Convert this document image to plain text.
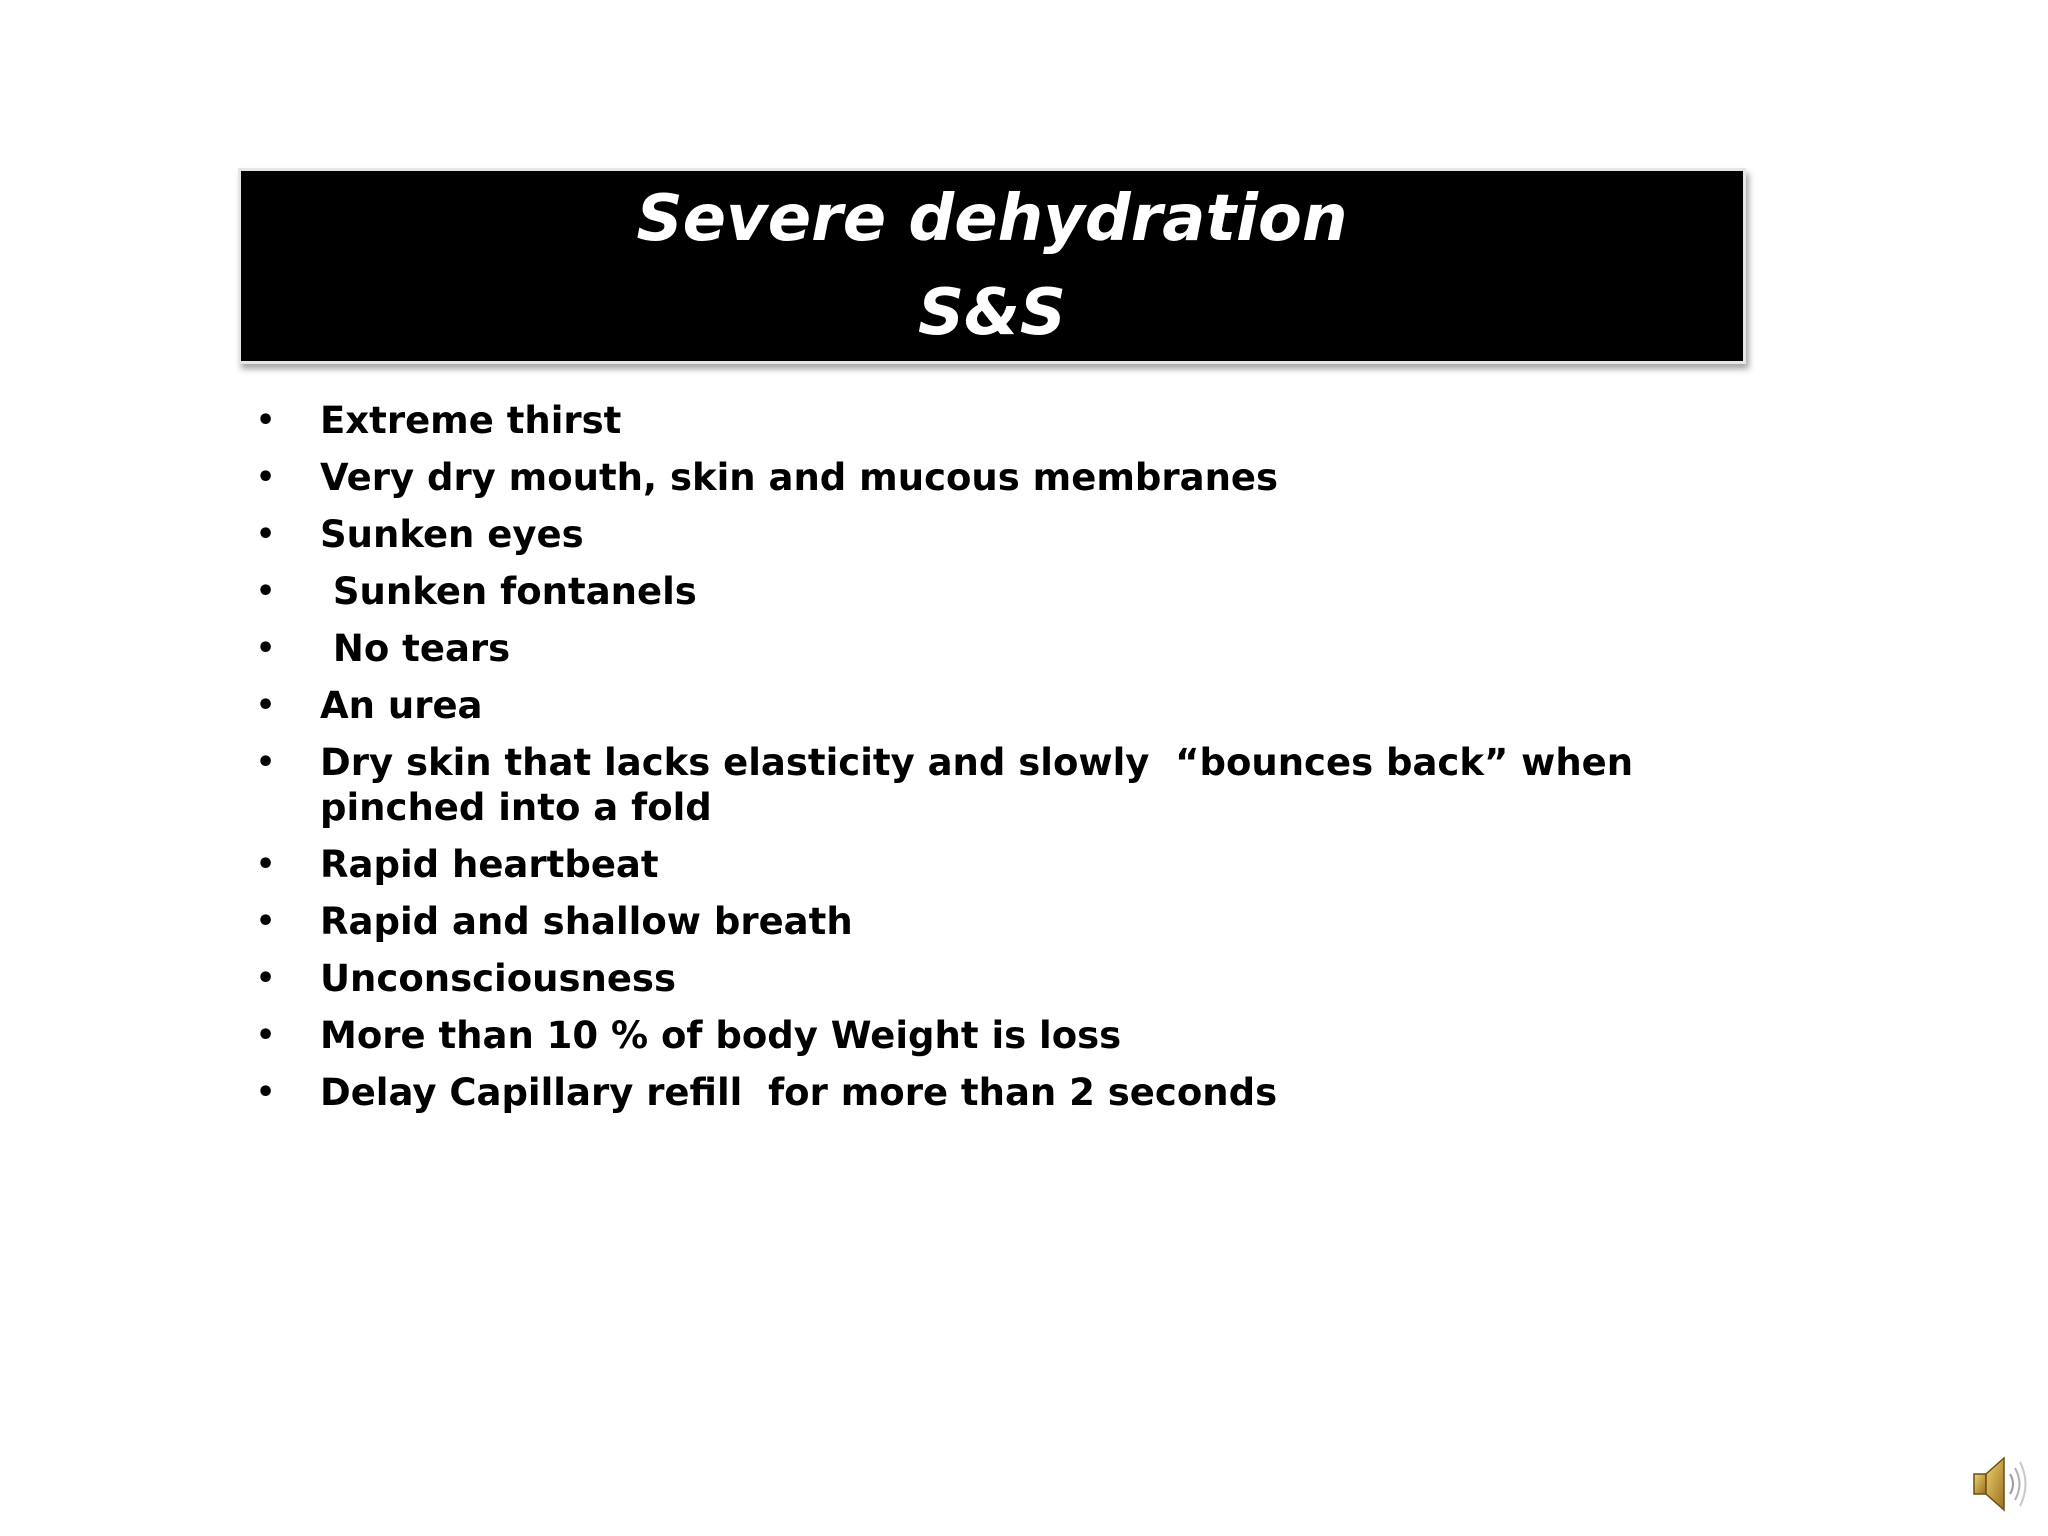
Severe dehydration
S&S
• Extreme thirst
• Very dry mouth, skin and mucous membranes
• Sunken eyes
• Sunken fontanels
• No tears
• An urea
• Dry skin that lacks elasticity and slowly  “bounces back” when pinched into a fold
• Rapid heartbeat
• Rapid and shallow breath
• Unconsciousness
• More than 10 % of body Weight is loss
• Delay Capillary refill  for more than 2 seconds
